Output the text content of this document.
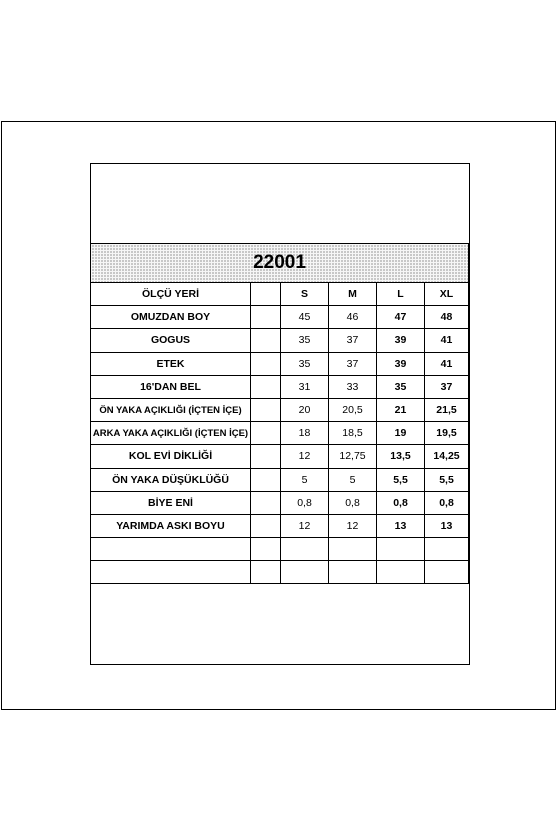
22001					
ÖLÇÜ YERİ		S	M	L	XL
OMUZDAN BOY		45	46	47	48
GOGUS		35	37	39	41
ETEK		35	37	39	41
16'DAN BEL		31	33	35	37
ÖN YAKA AÇIKLIĞI (İÇTEN İÇE)		20	20,5	21	21,5
ARKA YAKA AÇIKLIĞI (İÇTEN İÇE)		18	18,5	19	19,5
KOL EVİ DİKLİĞİ		12	12,75	13,5	14,25
ÖN YAKA DÜŞÜKLÜĞÜ		5	5	5,5	5,5
BİYE ENİ		0,8	0,8	0,8	0,8
YARIMDA ASKI BOYU		12	12	13	13
